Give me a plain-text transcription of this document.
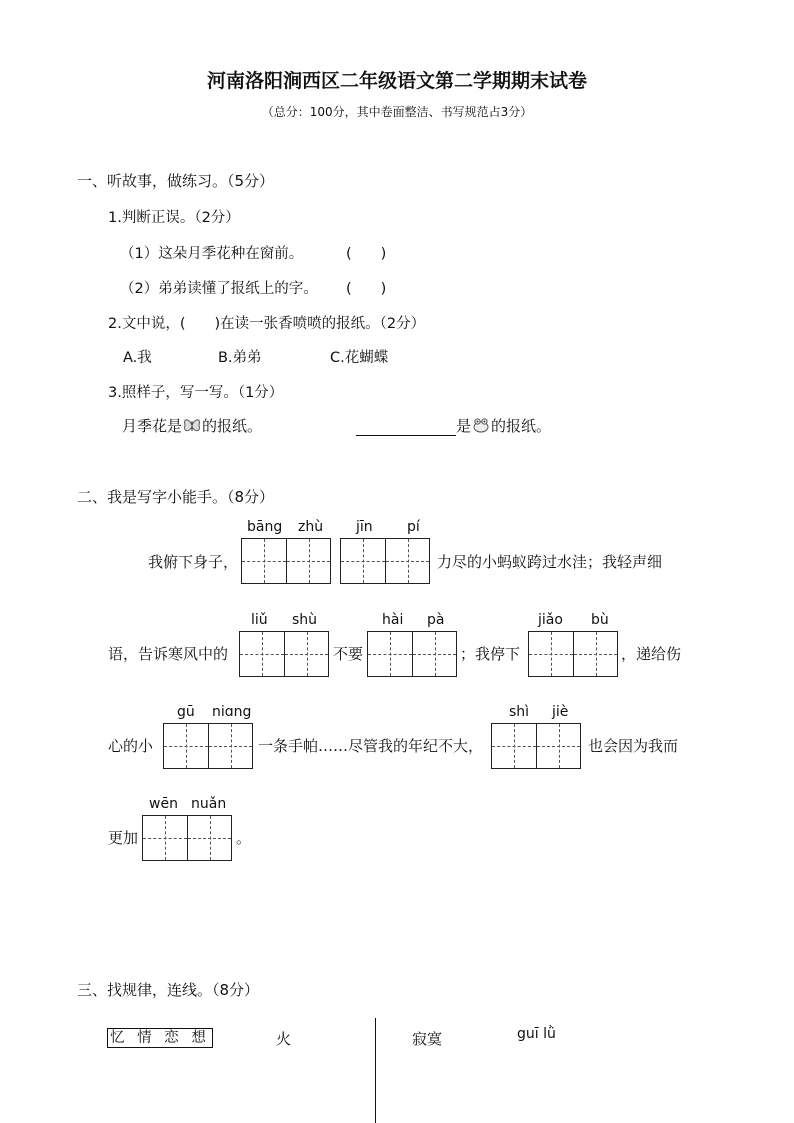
河南洛阳涧西区二年级语文第二学期期末试卷
（总分：100分，其中卷面整洁、书写规范占3分）
一、听故事，做练习。（5分）
1.判断正误。（2分）
（1）这朵月季花种在窗前。	(　　)
（2）弟弟读懂了报纸上的字。 (　　)
2.文中说，(　　)在读一张香喷喷的报纸。（2分）
A.我	B.弟弟	C.花蝴蝶
3.照样子，写一写。（1分）
月季花是 的报纸。	是 的报纸。
二、我是写字小能手。（8分）
bāng zhù jīn pí
我俯下身子，	力尽的小蚂蚁跨过水洼；我轻声细
liǔ shù	hài pà	jiǎo bù
语，告诉寒风中的	不要	；我停下	，递给伤
gū niɑng	shì jiè
心的小	一条手帕……尽管我的年纪不大，	也会因为我而
wēn nuǎn
更加	。
三、找规律，连线。（8分）
忆 情 恋 想	火	寂寞	guī lǜ
